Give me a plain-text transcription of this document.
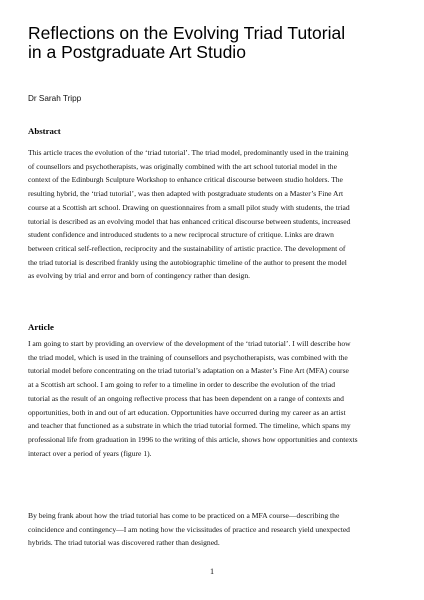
Reflections on the Evolving Triad Tutorial
in a Postgraduate Art Studio
Dr Sarah Tripp
Abstract
This article traces the evolution of the ‘triad tutorial’. The triad model, predominantly used in the training
of counsellors and psychotherapists, was originally combined with the art school tutorial model in the
context of the Edinburgh Sculpture Workshop to enhance critical discourse between studio holders. The
resulting hybrid, the ‘triad tutorial’, was then adapted with postgraduate students on a Master’s Fine Art
course at a Scottish art school. Drawing on questionnaires from a small pilot study with students, the triad
tutorial is described as an evolving model that has enhanced critical discourse between students, increased
student confidence and introduced students to a new reciprocal structure of critique. Links are drawn
between critical self-reflection, reciprocity and the sustainability of artistic practice. The development of
the triad tutorial is described frankly using the autobiographic timeline of the author to present the model
as evolving by trial and error and born of contingency rather than design.
Article
I am going to start by providing an overview of the development of the ‘triad tutorial’. I will describe how
the triad model, which is used in the training of counsellors and psychotherapists, was combined with the
tutorial model before concentrating on the triad tutorial’s adaptation on a Master’s Fine Art (MFA) course
at a Scottish art school. I am going to refer to a timeline in order to describe the evolution of the triad
tutorial as the result of an ongoing reflective process that has been dependent on a range of contexts and
opportunities, both in and out of art education. Opportunities have occurred during my career as an artist
and teacher that functioned as a substrate in which the triad tutorial formed. The timeline, which spans my
professional life from graduation in 1996 to the writing of this article, shows how opportunities and contexts
interact over a period of years (figure 1).
By being frank about how the triad tutorial has come to be practiced on a MFA course—describing the
coincidence and contingency—I am noting how the vicissitudes of practice and research yield unexpected
hybrids. The triad tutorial was discovered rather than designed.
1
